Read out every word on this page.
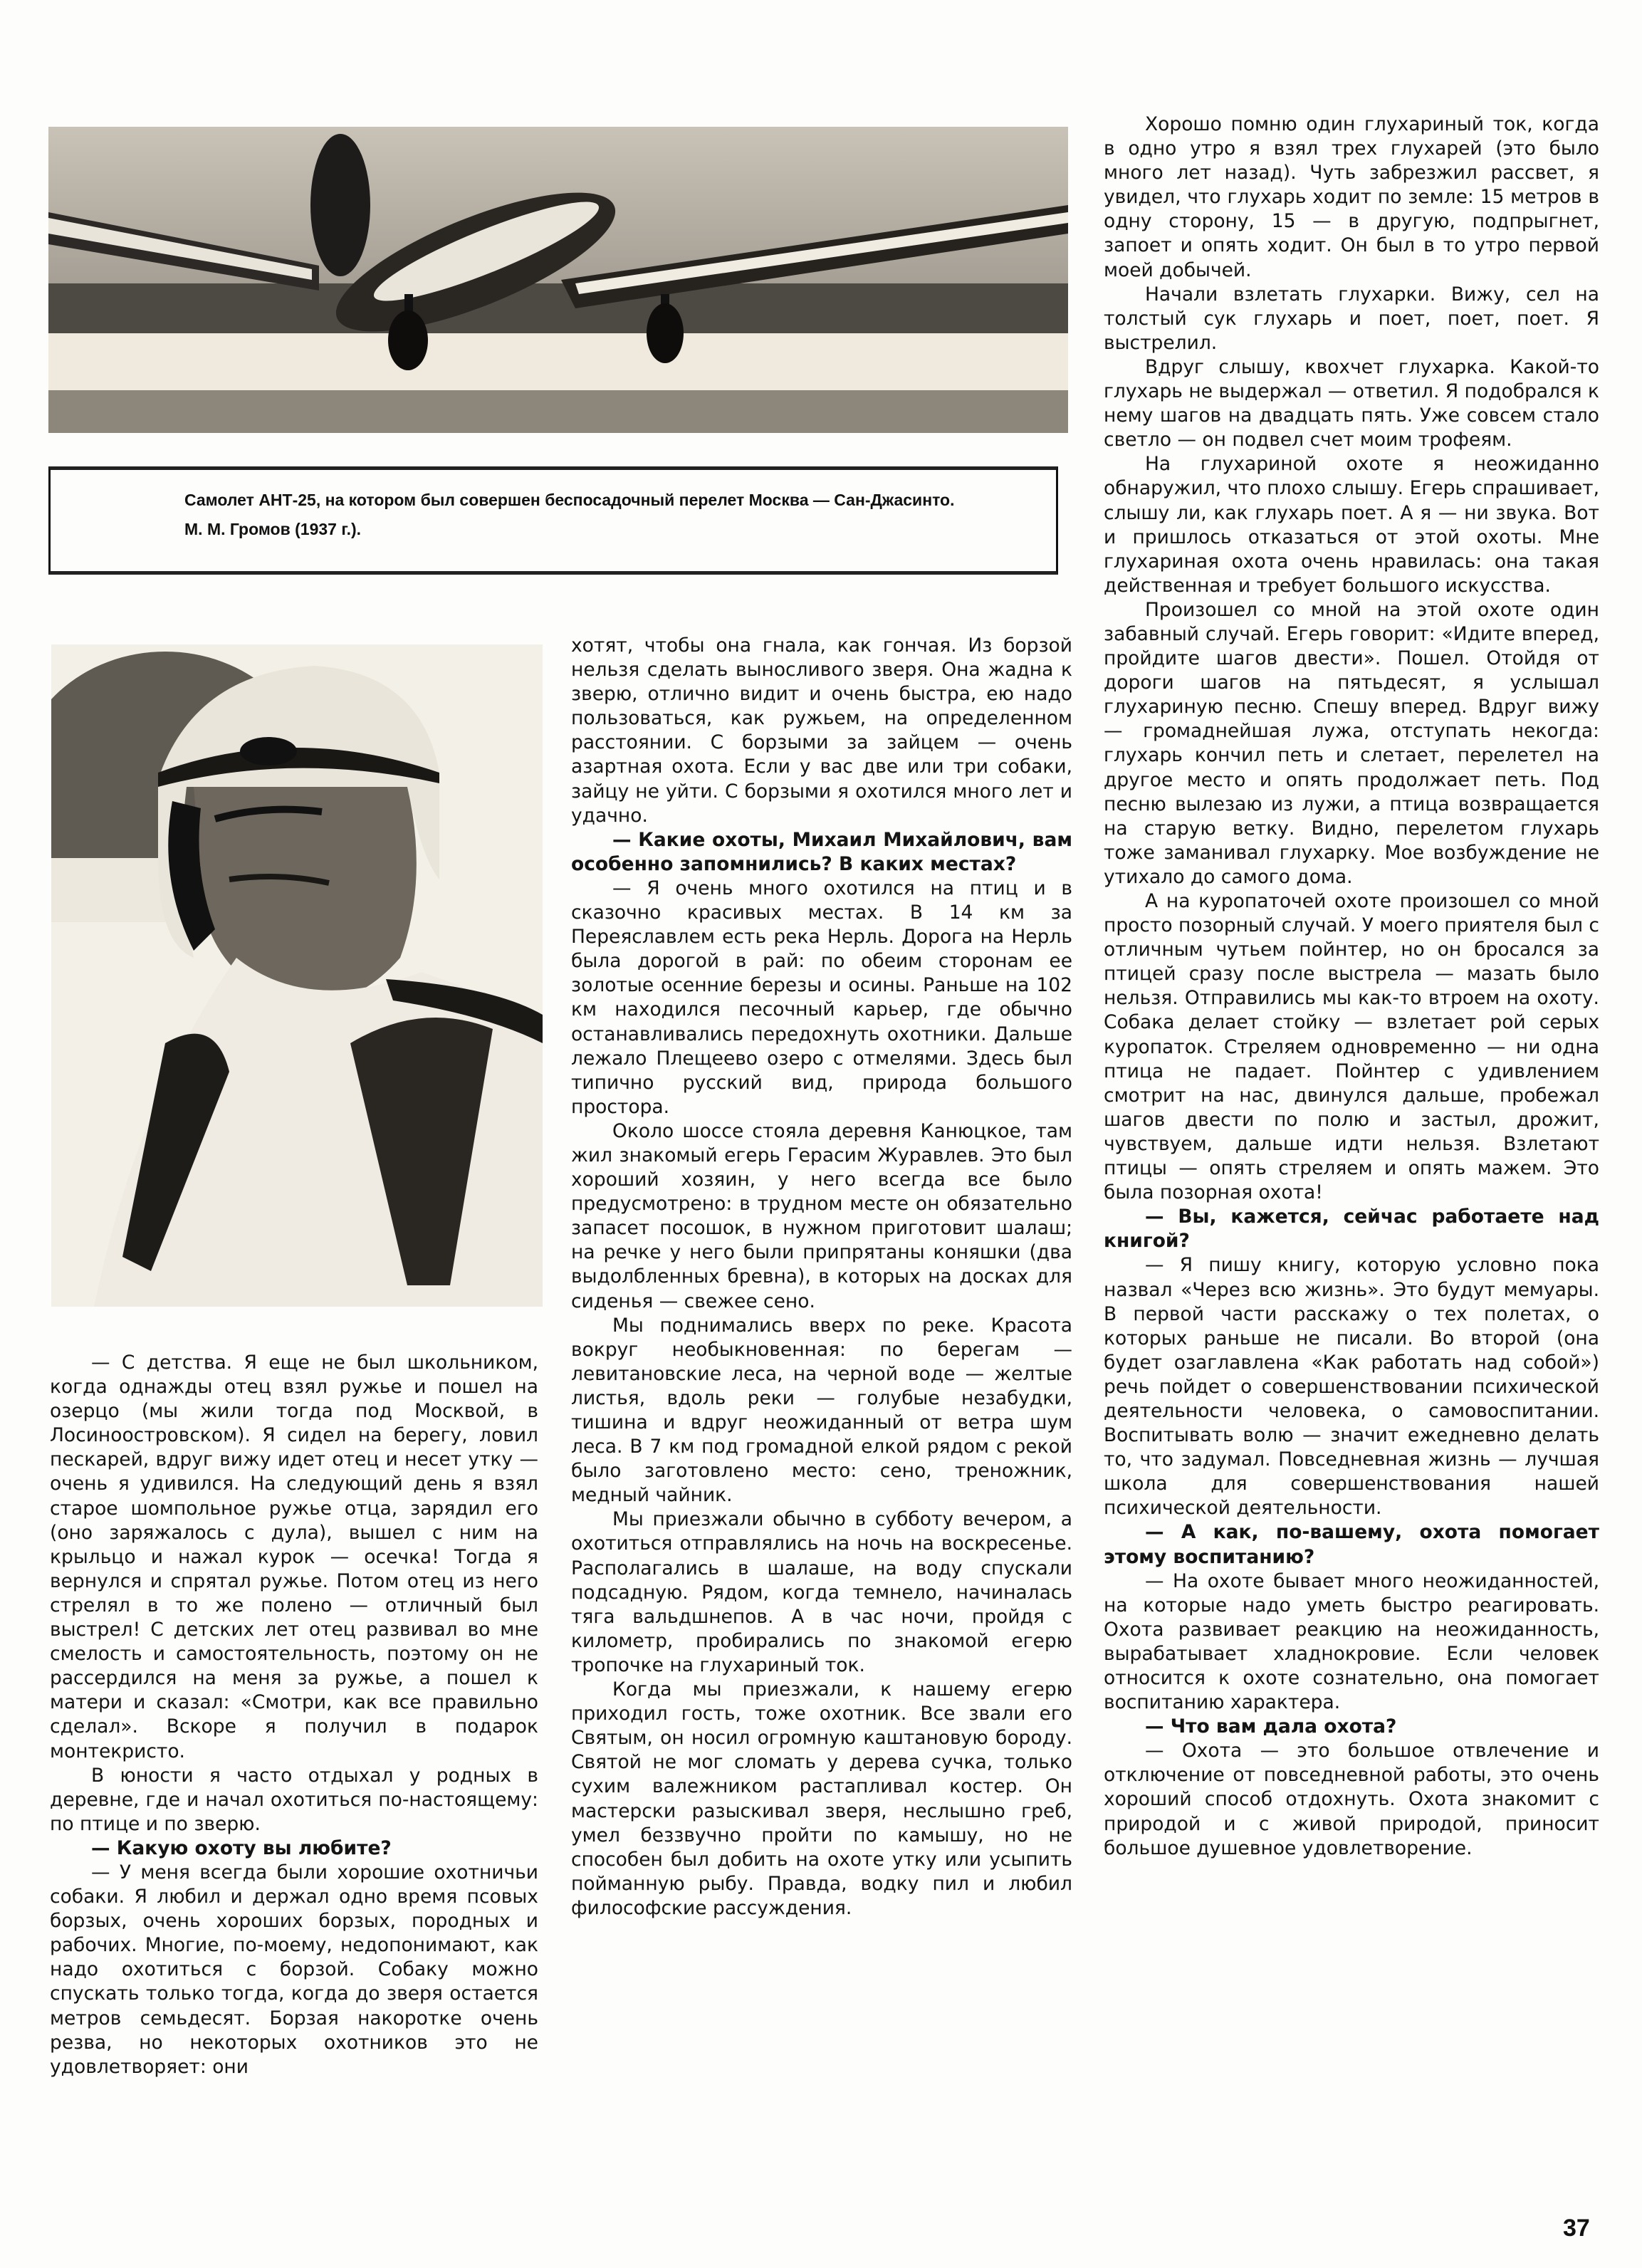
Самолет АНТ-25, на котором был совершен беспосадочный перелет Москва — Сан-Джасинто.

М. М. Громов (1937 г.).

— С детства. Я еще не был школьником, когда однажды отец взял ружье и пошел на озерцо (мы жили тогда под Москвой, в Лосиноостровском). Я сидел на берегу, ловил пескарей, вдруг вижу идет отец и несет утку — очень я удивился. На следующий день я взял старое шомпольное ружье отца, зарядил его (оно заряжалось с дула), вышел с ним на крыльцо и нажал курок — осечка! Тогда я вернулся и спрятал ружье. Потом отец из него стрелял в то же полено — отличный был выстрел! С детских лет отец развивал во мне смелость и самостоятельность, поэтому он не рассердился на меня за ружье, а пошел к матери и сказал: «Смотри, как все правильно сделал». Вскоре я получил в подарок монтекристо.

В юности я часто отдыхал у родных в деревне, где и начал охотиться по-настоящему: по птице и по зверю.

— Какую охоту вы любите?

— У меня всегда были хорошие охотничьи собаки. Я любил и держал одно время псовых борзых, очень хороших борзых, породных и рабочих. Многие, по-моему, недопонимают, как надо охотиться с борзой. Собаку можно спускать только тогда, когда до зверя остается метров семьдесят. Борзая накоротке очень резва, но некоторых охотников это не удовлетворяет: они

хотят, чтобы она гнала, как гончая. Из борзой нельзя сделать выносливого зверя. Она жадна к зверю, отлично видит и очень быстра, ею надо пользоваться, как ружьем, на определенном расстоянии. С борзыми за зайцем — очень азартная охота. Если у вас две или три собаки, зайцу не уйти. С борзыми я охотился много лет и удачно.

— Какие охоты, Михаил Михайлович, вам особенно запомнились? В каких местах?

— Я очень много охотился на птиц и в сказочно красивых местах. В 14 км за Переяславлем есть река Нерль. Дорога на Нерль была дорогой в рай: по обеим сторонам ее золотые осенние березы и осины. Раньше на 102 км находился песочный карьер, где обычно останавливались передохнуть охотники. Дальше лежало Плещеево озеро с отмелями. Здесь был типично русский вид, природа большого простора.

Около шоссе стояла деревня Канюцкое, там жил знакомый егерь Герасим Журавлев. Это был хороший хозяин, у него всегда все было предусмотрено: в трудном месте он обязательно запасет посошок, в нужном приготовит шалаш; на речке у него были припрятаны коняшки (два выдолбленных бревна), в которых на досках для сиденья — свежее сено.

Мы поднимались вверх по реке. Красота вокруг необыкновенная: по берегам — левитановские леса, на черной воде — желтые листья, вдоль реки — голубые незабудки, тишина и вдруг неожиданный от ветра шум леса. В 7 км под громадной елкой рядом с рекой было заготовлено место: сено, треножник, медный чайник.

Мы приезжали обычно в субботу вечером, а охотиться отправлялись на ночь на воскресенье. Располагались в шалаше, на воду спускали подсадную. Рядом, когда темнело, начиналась тяга вальдшнепов. А в час ночи, пройдя с километр, пробирались по знакомой егерю тропочке на глухариный ток.

Когда мы приезжали, к нашему егерю приходил гость, тоже охотник. Все звали его Святым, он носил огромную каштановую бороду. Святой не мог сломать у дерева сучка, только сухим валежником растапливал костер. Он мастерски разыскивал зверя, неслышно греб, умел беззвучно пройти по камышу, но не способен был добить на охоте утку или усыпить пойманную рыбу. Правда, водку пил и любил философские рассуждения.

Хорошо помню один глухариный ток, когда в одно утро я взял трех глухарей (это было много лет назад). Чуть забрезжил рассвет, я увидел, что глухарь ходит по земле: 15 метров в одну сторону, 15 — в другую, подпрыгнет, запоет и опять ходит. Он был в то утро первой моей добычей.

Начали взлетать глухарки. Вижу, сел на толстый сук глухарь и поет, поет, поет. Я выстрелил.

Вдруг слышу, квохчет глухарка. Какой-то глухарь не выдержал — ответил. Я подобрался к нему шагов на двадцать пять. Уже совсем стало светло — он подвел счет моим трофеям.

На глухариной охоте я неожиданно обнаружил, что плохо слышу. Егерь спрашивает, слышу ли, как глухарь поет. А я — ни звука. Вот и пришлось отказаться от этой охоты. Мне глухариная охота очень нравилась: она такая действенная и требует большого искусства.

Произошел со мной на этой охоте один забавный случай. Егерь говорит: «Идите вперед, пройдите шагов двести». Пошел. Отойдя от дороги шагов на пятьдесят, я услышал глухариную песню. Спешу вперед. Вдруг вижу — громаднейшая лужа, отступать некогда: глухарь кончил петь и слетает, перелетел на другое место и опять продолжает петь. Под песню вылезаю из лужи, а птица возвращается на старую ветку. Видно, перелетом глухарь тоже заманивал глухарку. Мое возбуждение не утихало до самого дома.

А на куропаточей охоте произошел со мной просто позорный случай. У моего приятеля был с отличным чутьем пойнтер, но он бросался за птицей сразу после выстрела — мазать было нельзя. Отправились мы как-то втроем на охоту. Собака делает стойку — взлетает рой серых куропаток. Стреляем одновременно — ни одна птица не падает. Пойнтер с удивлением смотрит на нас, двинулся дальше, пробежал шагов двести по полю и застыл, дрожит, чувствуем, дальше идти нельзя. Взлетают птицы — опять стреляем и опять мажем. Это была позорная охота!

— Вы, кажется, сейчас работаете над книгой?

— Я пишу книгу, которую условно пока назвал «Через всю жизнь». Это будут мемуары. В первой части расскажу о тех полетах, о которых раньше не писали. Во второй (она будет озаглавлена «Как работать над собой») речь пойдет о совершенствовании психической деятельности человека, о самовоспитании. Воспитывать волю — значит ежедневно делать то, что задумал. Повседневная жизнь — лучшая школа для совершенствования нашей психической деятельности.

— А как, по-вашему, охота помогает этому воспитанию?

— На охоте бывает много неожиданностей, на которые надо уметь быстро реагировать. Охота развивает реакцию на неожиданность, вырабатывает хладнокровие. Если человек относится к охоте сознательно, она помогает воспитанию характера.

— Что вам дала охота?

— Охота — это большое отвлечение и отключение от повседневной работы, это очень хороший способ отдохнуть. Охота знакомит с природой и с живой природой, приносит большое душевное удовлетворение.

37
